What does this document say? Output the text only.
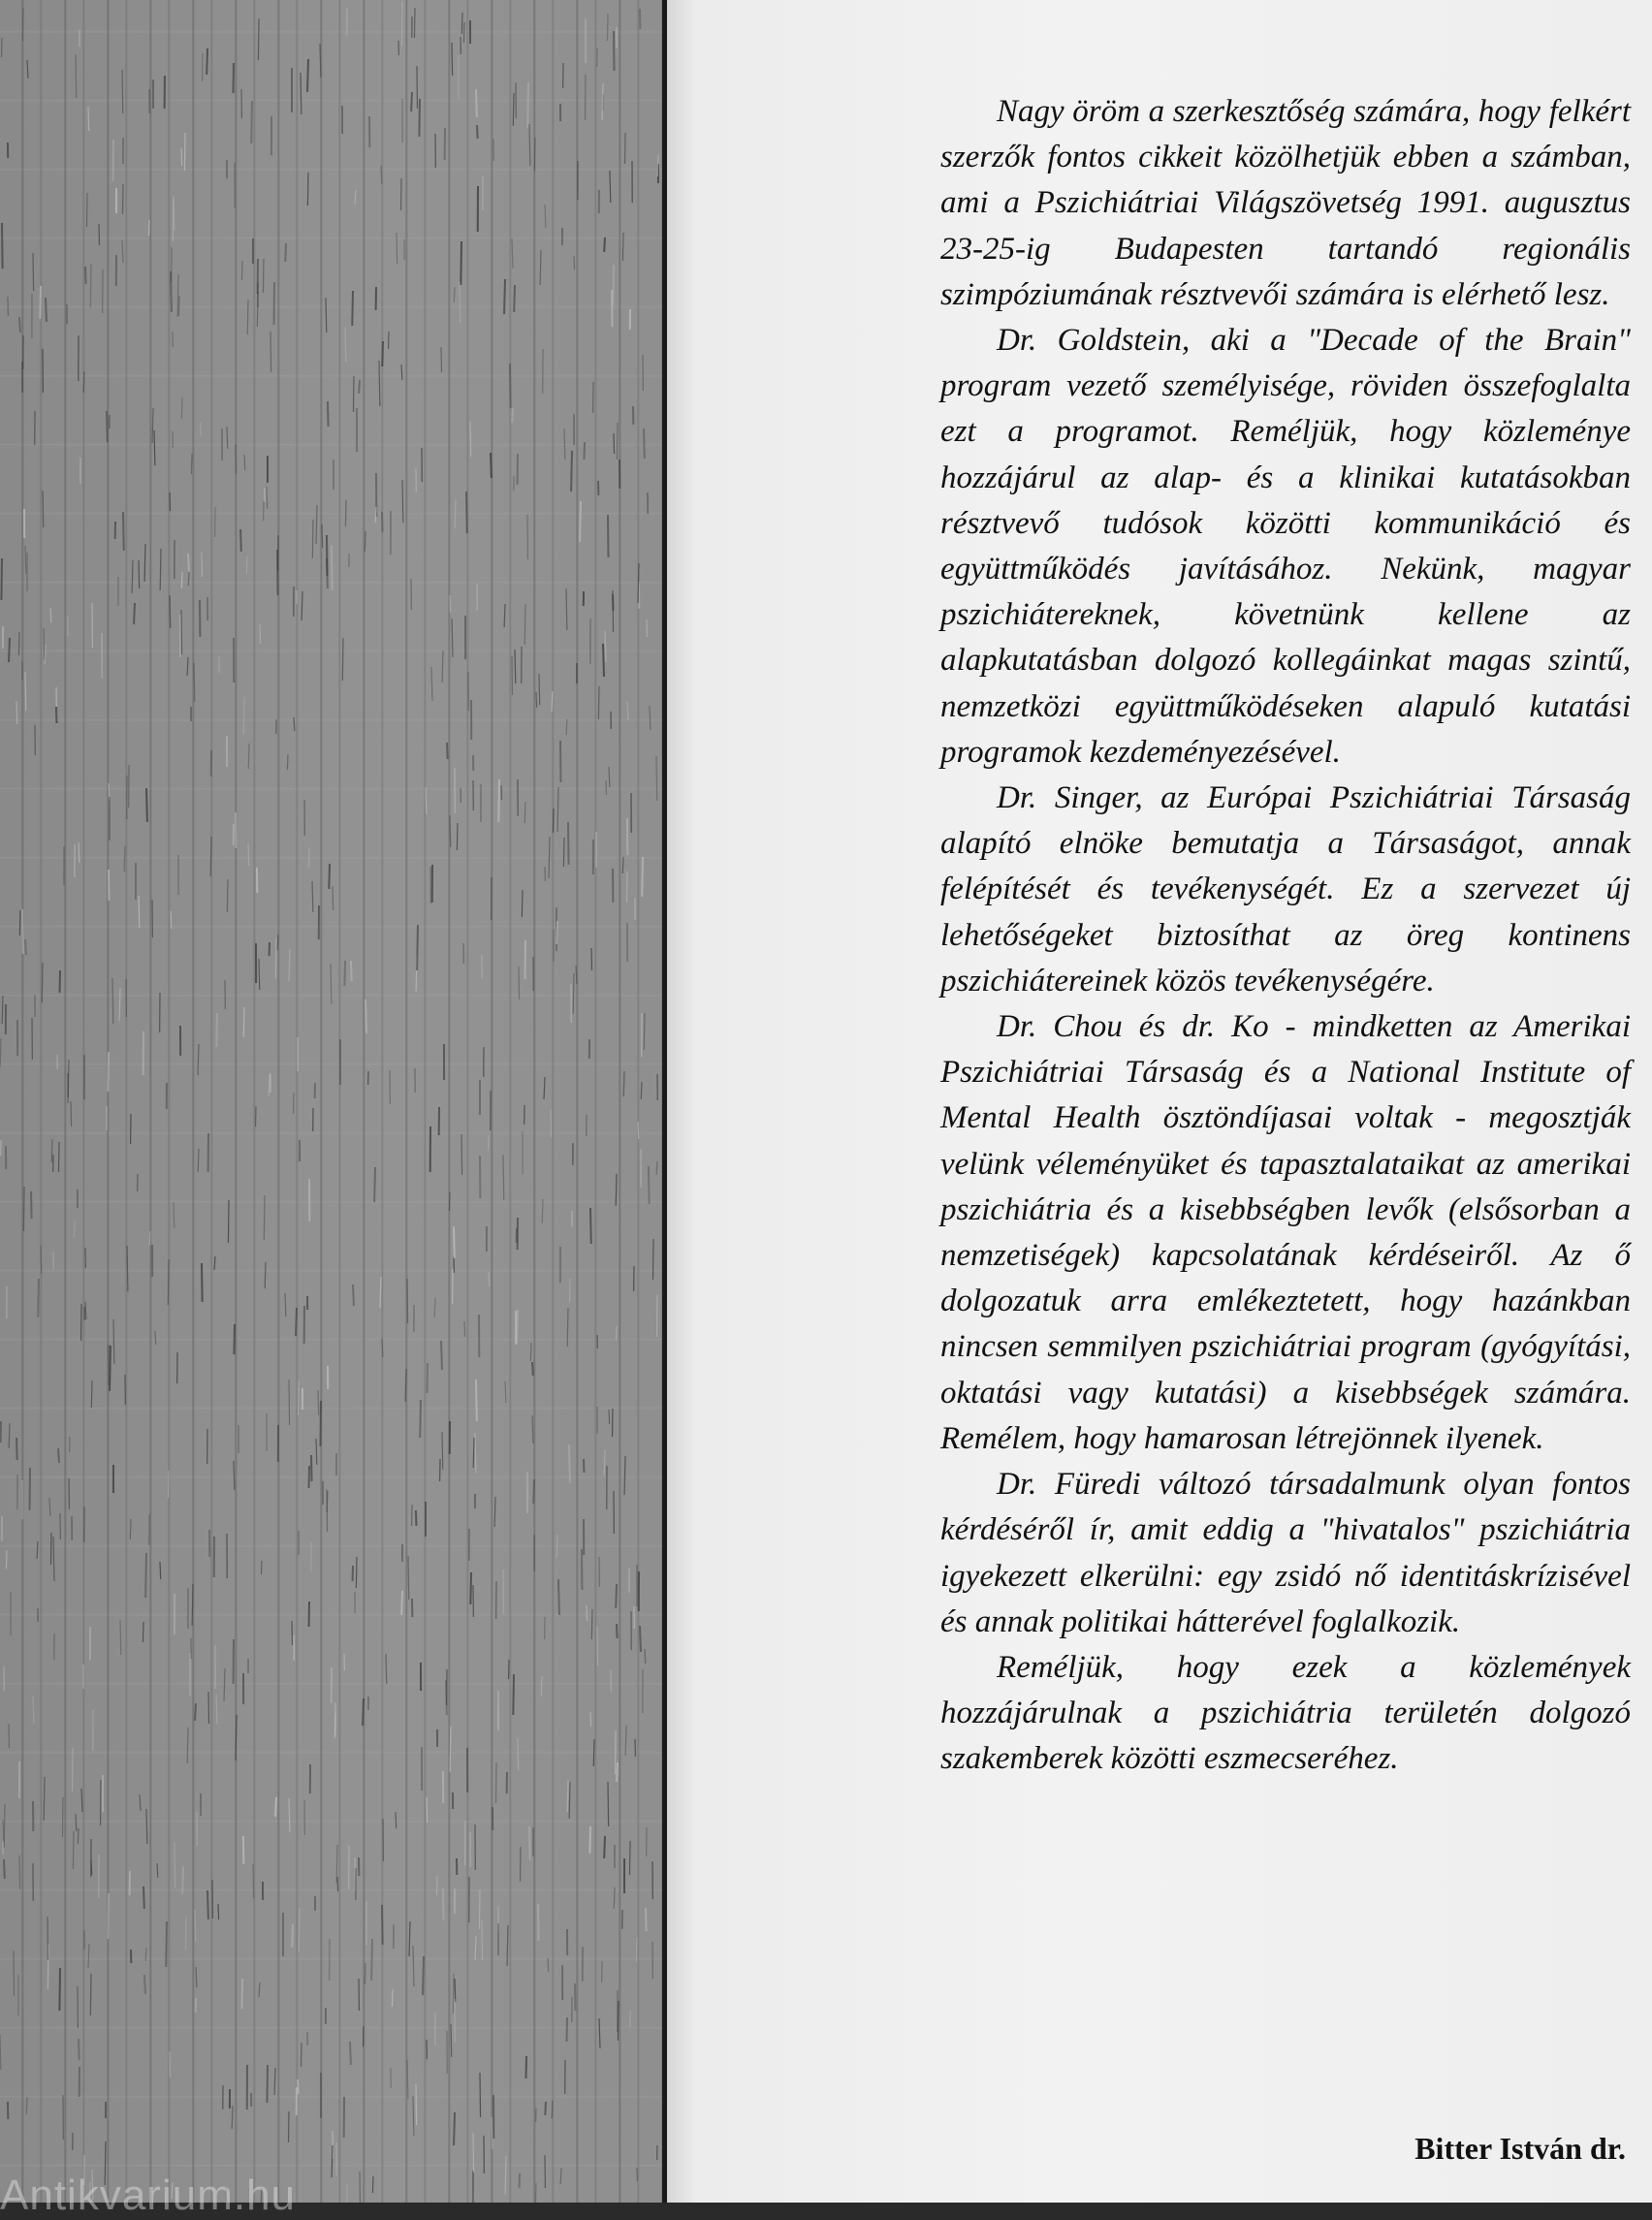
Antikvarium.hu

Nagy öröm a szerkesztőség számára, hogy felkért szerzők fontos cikkeit közölhetjük ebben a számban, ami a Pszichiátriai Világszövetség 1991. augusztus 23-25-ig Budapesten tartandó regionális szimpóziumának résztvevői számára is elérhető lesz.

Dr. Goldstein, aki a "Decade of the Brain" program vezető személyisége, röviden összefoglalta ezt a programot. Reméljük, hogy közleménye hozzájárul az alap- és a klinikai kutatásokban résztvevő tudósok közötti kommunikáció és együttműködés javításához. Nekünk, magyar pszichiátereknek, követnünk kellene az alapkutatásban dolgozó kollegáinkat magas szintű, nemzetközi együttműködéseken alapuló kutatási programok kezdeményezésével.

Dr. Singer, az Európai Pszichiátriai Társaság alapító elnöke bemutatja a Társaságot, annak felépítését és tevékenységét. Ez a szervezet új lehetőségeket biztosíthat az öreg kontinens pszichiátereinek közös tevékenységére.

Dr. Chou és dr. Ko - mindketten az Amerikai Pszichiátriai Társaság és a National Institute of Mental Health ösztöndíjasai voltak - megosztják velünk véleményüket és tapasztalataikat az amerikai pszichiátria és a kisebbségben levők (elsősorban a nemzetiségek) kapcsolatának kérdéseiről. Az ő dolgozatuk arra emlékeztetett, hogy hazánkban nincsen semmilyen pszichiátriai program (gyógyítási, oktatási vagy kutatási) a kisebbségek számára. Remélem, hogy hamarosan létrejönnek ilyenek.

Dr. Füredi változó társadalmunk olyan fontos kérdéséről ír, amit eddig a "hivatalos" pszichiátria igyekezett elkerülni: egy zsidó nő identitáskrízisével és annak politikai hátterével foglalkozik.

Reméljük, hogy ezek a közlemények hozzájárulnak a pszichiátria területén dolgozó szakemberek közötti eszmecseréhez.

Bitter István dr.
